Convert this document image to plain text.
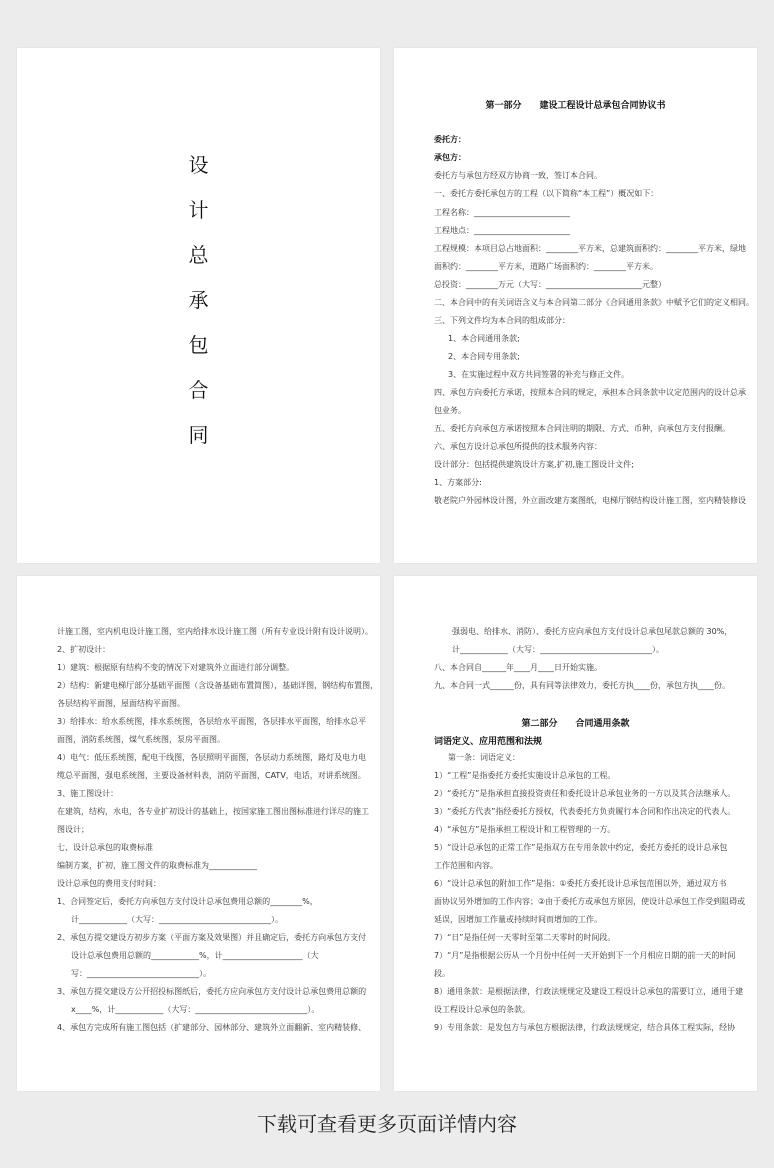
设
计
总
承
包
合
同
第一部分　　建设工程设计总承包合同协议书
委托方：
承包方：
委托方与承包方经双方协商一致，签订本合同。
一、委托方委托承包方的工程（以下简称“本工程”）概况如下：
工程名称：________________________
工程地点：________________________
工程规模：本项目总占地面积：________平方米，总建筑面积约：________平方米，绿地
面积约：________平方米，道路广场面积约：________平方米。
总投资：________万元（大写：________________________元整）
二、本合同中的有关词语含义与本合同第二部分《合同通用条款》中赋予它们的定义相同。
三、下列文件均为本合同的组成部分：
1、本合同通用条款;
2、本合同专用条款;
3、在实施过程中双方共同签署的补充与修正文件。
四、承包方向委托方承诺，按照本合同的规定，承担本合同条款中议定范围内的设计总承
包业务。
五、委托方向承包方承诺按照本合同注明的期限、方式、币种，向承包方支付报酬。
六、承包方设计总承包所提供的技术服务内容：
设计部分：包括提供建筑设计方案,扩初,施工图设计文件;
1、方案部分:
敬老院户外园林设计图，外立面改建方案图纸，电梯厅钢结构设计施工图，室内精装修设
计施工图，室内机电设计施工图，室内给排水设计施工图（所有专业设计附有设计说明）。
2、扩初设计：
1）建筑：根据原有结构不变的情况下对建筑外立面进行部分调整。
2）结构：新建电梯厅部分基础平面图（含设备基础布置简图），基础详图，钢结构布置图，
各层结构平面图，屋面结构平面图。
3）给排水：给水系统图，排水系统图，各层给水平面图，各层排水平面图，给排水总平
面图，消防系统图，煤气系统图，泵房平面图。
4）电气：低压系统图，配电干线图，各层照明平面图，各层动力系统图，路灯及电力电
缆总平面图，强电系统图，主要设备材料表，消防平面图，CATV，电话，对讲系统图。
3、施工图设计：
在建筑，结构，水电，各专业扩初设计的基础上，按国家施工图出图标准进行详尽的施工
图设计；
七、设计总承包的取费标准
编制方案，扩初，施工图文件的取费标准为____________
设计总承包的费用支付时间：
1、合同签定后，委托方向承包方支付设计总承包费用总额的________%，
计____________（大写：____________________________）。
2、承包方提交建设方初步方案（平面方案及效果图）并且确定后，委托方向承包方支付
设计总承包费用总额的____________%，计____________________（大
写：____________________________）。
3、承包方提交建设方公开招投标图纸后，委托方应向承包方支付设计总承包费用总额的
x____%，计____________（大写：____________________________）。
4、承包方完成所有施工图包括（扩建部分、园林部分、建筑外立面翻新、室内精装修、
强弱电、给排水、消防）、委托方应向承包方支付设计总承包尾款总额的 30%，
计____________（大写：____________________________）。
八、本合同自______年____月____日开始实施。
九、本合同一式______份，具有同等法律效力，委托方执____份，承包方执____份。
第二部分　　合同通用条款
词语定义、应用范围和法规
第一条：词语定义：
1）“工程”是指委托方委托实施设计总承包的工程。
2）“委托方”是指承担直接投资责任和委托设计总承包业务的一方以及其合法继承人。
3）“委托方代表”指经委托方授权，代表委托方负责履行本合同和作出决定的代表人。
4）“承包方”是指承担工程设计和工程管理的一方。
5）“设计总承包的正常工作”是指双方在专用条款中约定，委托方委托的设计总承包
工作范围和内容。
6）“设计总承包的附加工作”是指：①委托方委托设计总承包范围以外，通过双方书
面协议另外增加的工作内容；②由于委托方或承包方原因，使设计总承包工作受到阻碍或
延误，因增加工作量或持续时间而增加的工作。
7）“日”是指任何一天零时至第二天零时的时间段。
7）“月”是指根据公历从一个月份中任何一天开始到下一个月相应日期的前一天的时间
段。
8）通用条款：是根据法律，行政法规规定及建设工程设计总承包的需要订立，通用于建
设工程设计总承包的条款。
9）专用条款：是发包方与承包方根据法律，行政法规规定，结合具体工程实际，经协
下载可查看更多页面详情内容
